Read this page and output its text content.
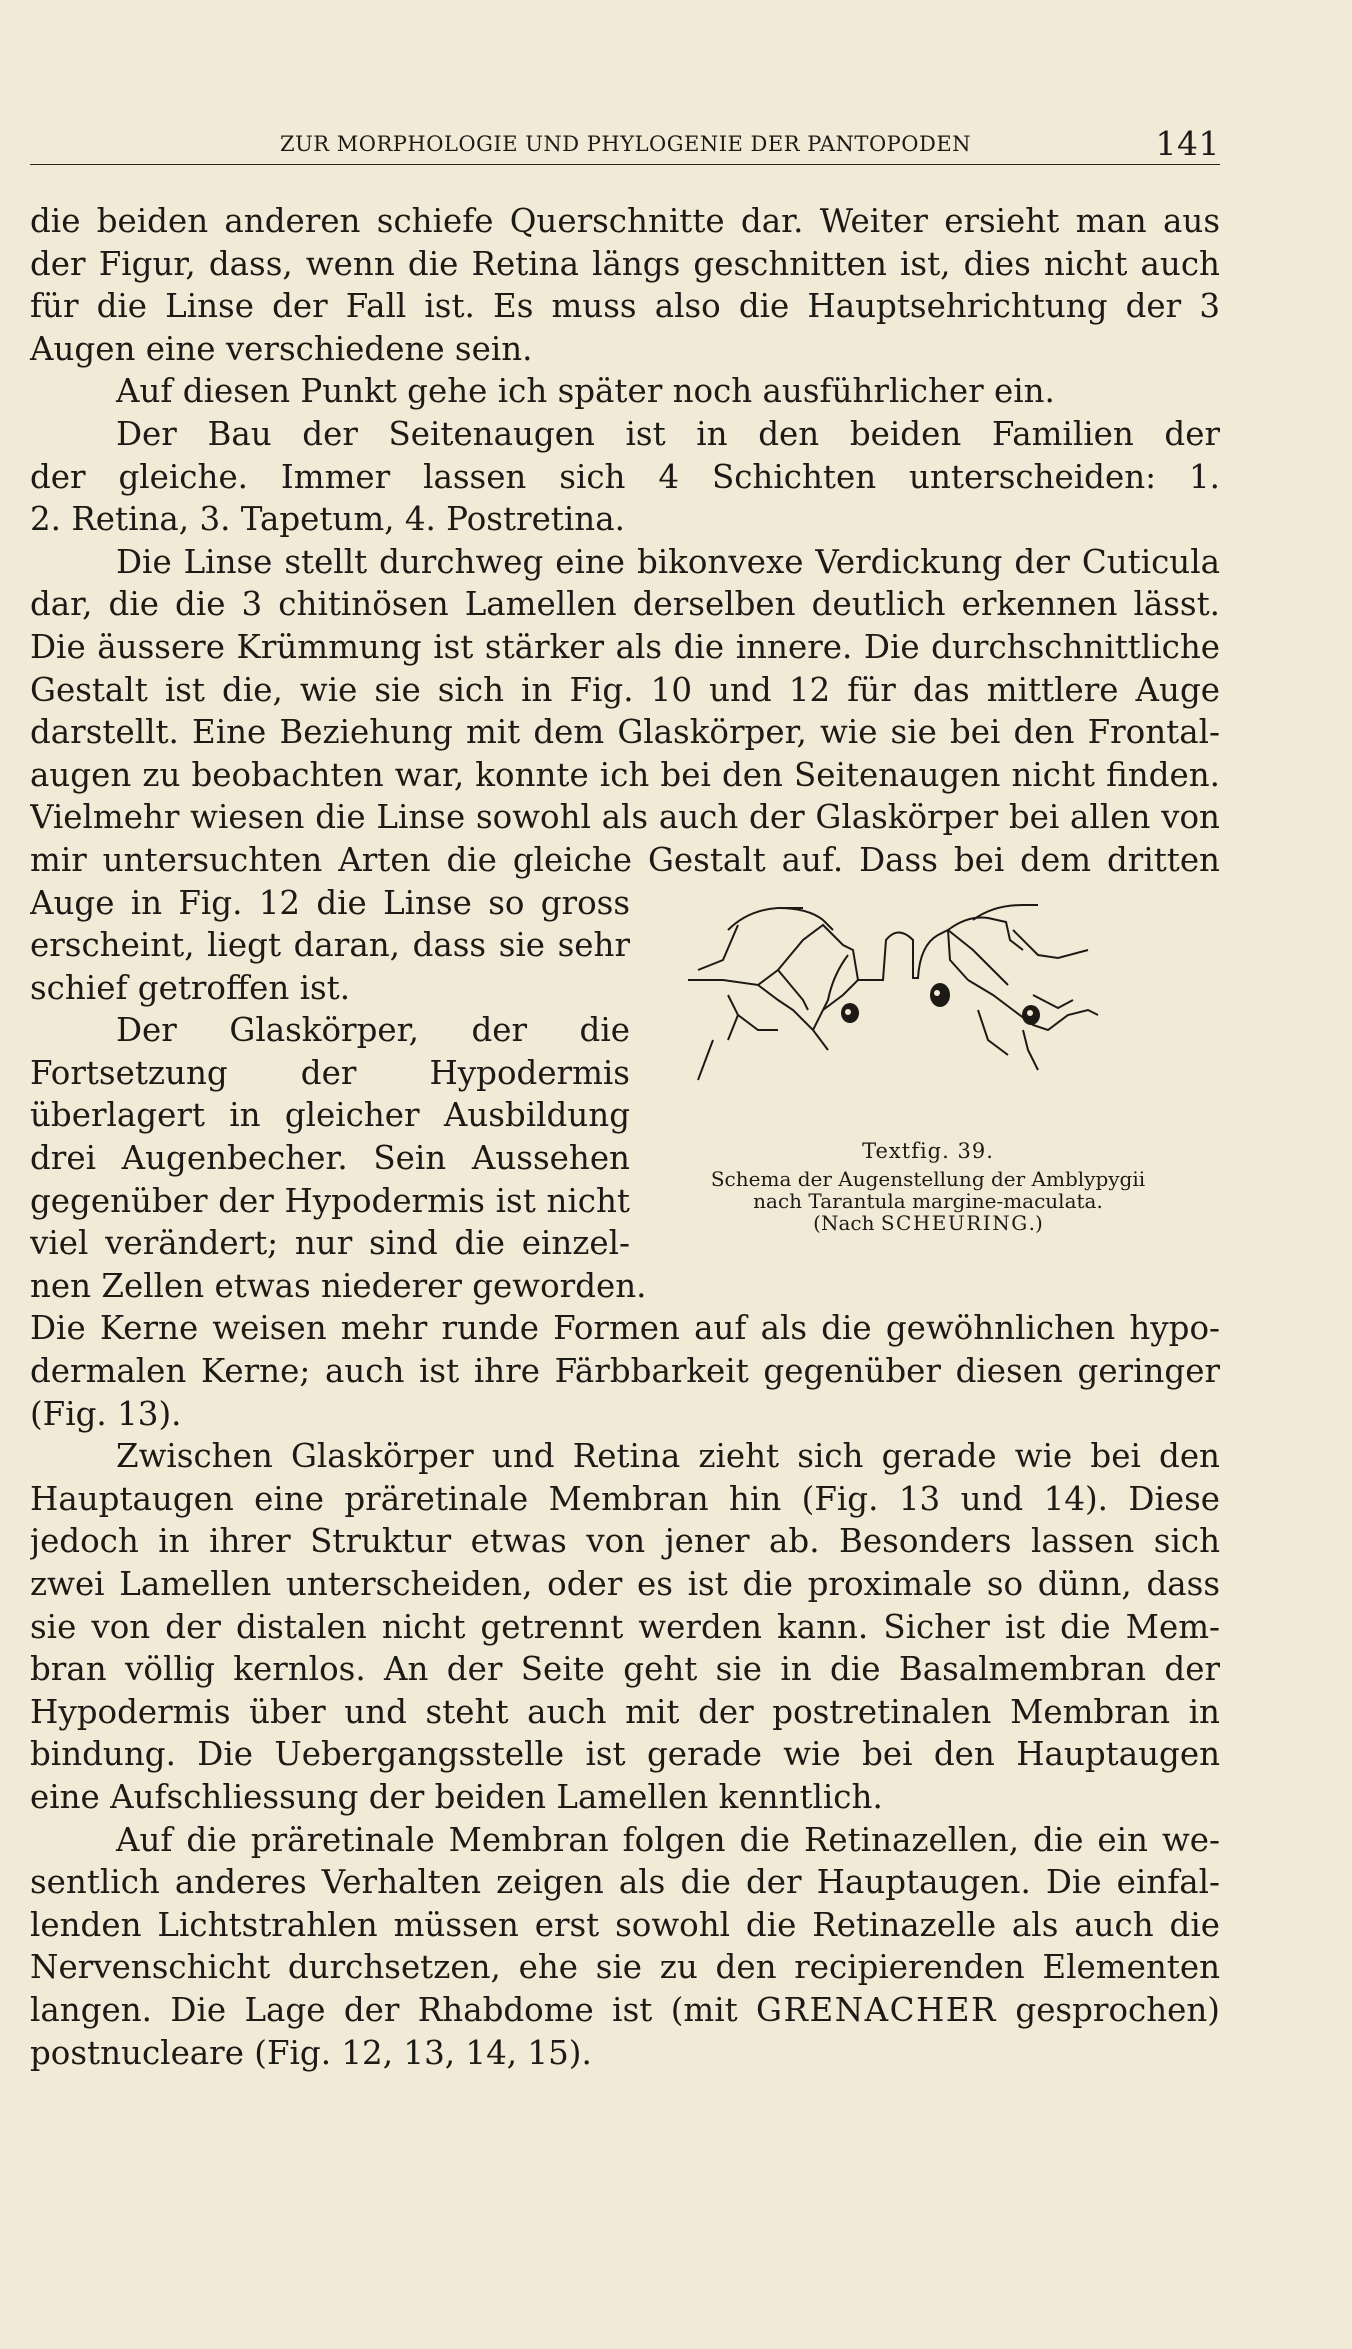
ZUR MORPHOLOGIE UND PHYLOGENIE DER PANTOPODEN	141
die beiden anderen schiefe Querschnitte dar. Weiter ersieht man aus
der Figur, dass, wenn die Retina längs geschnitten ist, dies nicht auch
für die Linse der Fall ist. Es muss also die Hauptsehrichtung der 3
Augen eine verschiedene sein.
Auf diesen Punkt gehe ich später noch ausführlicher ein.
Der Bau der Seitenaugen ist in den beiden Familien der
der gleiche. Immer lassen sich 4 Schichten unterscheiden: 1.
2. Retina, 3. Tapetum, 4. Postretina.
Die Linse stellt durchweg eine bikonvexe Verdickung der Cuticula
dar, die die 3 chitinösen Lamellen derselben deutlich erkennen lässt.
Die äussere Krümmung ist stärker als die innere. Die durchschnittliche
Gestalt ist die, wie sie sich in Fig. 10 und 12 für das mittlere Auge
darstellt. Eine Beziehung mit dem Glaskörper, wie sie bei den Frontal-
augen zu beobachten war, konnte ich bei den Seitenaugen nicht finden.
Vielmehr wiesen die Linse sowohl als auch der Glaskörper bei allen von
mir untersuchten Arten die gleiche Gestalt auf. Dass bei dem dritten
Auge in Fig. 12 die Linse so gross
erscheint, liegt daran, dass sie sehr
schief getroffen ist.
Der Glaskörper, der die
Fortsetzung der Hypodermis
überlagert in gleicher Ausbildung
drei Augenbecher. Sein Aussehen
gegenüber der Hypodermis ist nicht
viel verändert; nur sind die einzel-
nen Zellen etwas niederer geworden.
Die Kerne weisen mehr runde Formen auf als die gewöhnlichen hypo-
dermalen Kerne; auch ist ihre Färbbarkeit gegenüber diesen geringer
(Fig. 13).
Zwischen Glaskörper und Retina zieht sich gerade wie bei den
Hauptaugen eine präretinale Membran hin (Fig. 13 und 14). Diese
jedoch in ihrer Struktur etwas von jener ab. Besonders lassen sich
zwei Lamellen unterscheiden, oder es ist die proximale so dünn, dass
sie von der distalen nicht getrennt werden kann. Sicher ist die Mem-
bran völlig kernlos. An der Seite geht sie in die Basalmembran der
Hypodermis über und steht auch mit der postretinalen Membran in
bindung. Die Uebergangsstelle ist gerade wie bei den Hauptaugen
eine Aufschliessung der beiden Lamellen kenntlich.
Auf die präretinale Membran folgen die Retinazellen, die ein we-
sentlich anderes Verhalten zeigen als die der Hauptaugen. Die einfal-
lenden Lichtstrahlen müssen erst sowohl die Retinazelle als auch die
Nervenschicht durchsetzen, ehe sie zu den recipierenden Elementen
langen. Die Lage der Rhabdome ist (mit GRENACHER gesprochen)
postnucleare (Fig. 12, 13, 14, 15).
Textfig. 39.
Schema der Augenstellung der Amblypygii
nach Tarantula margine-maculata.
(Nach SCHEURING.)
